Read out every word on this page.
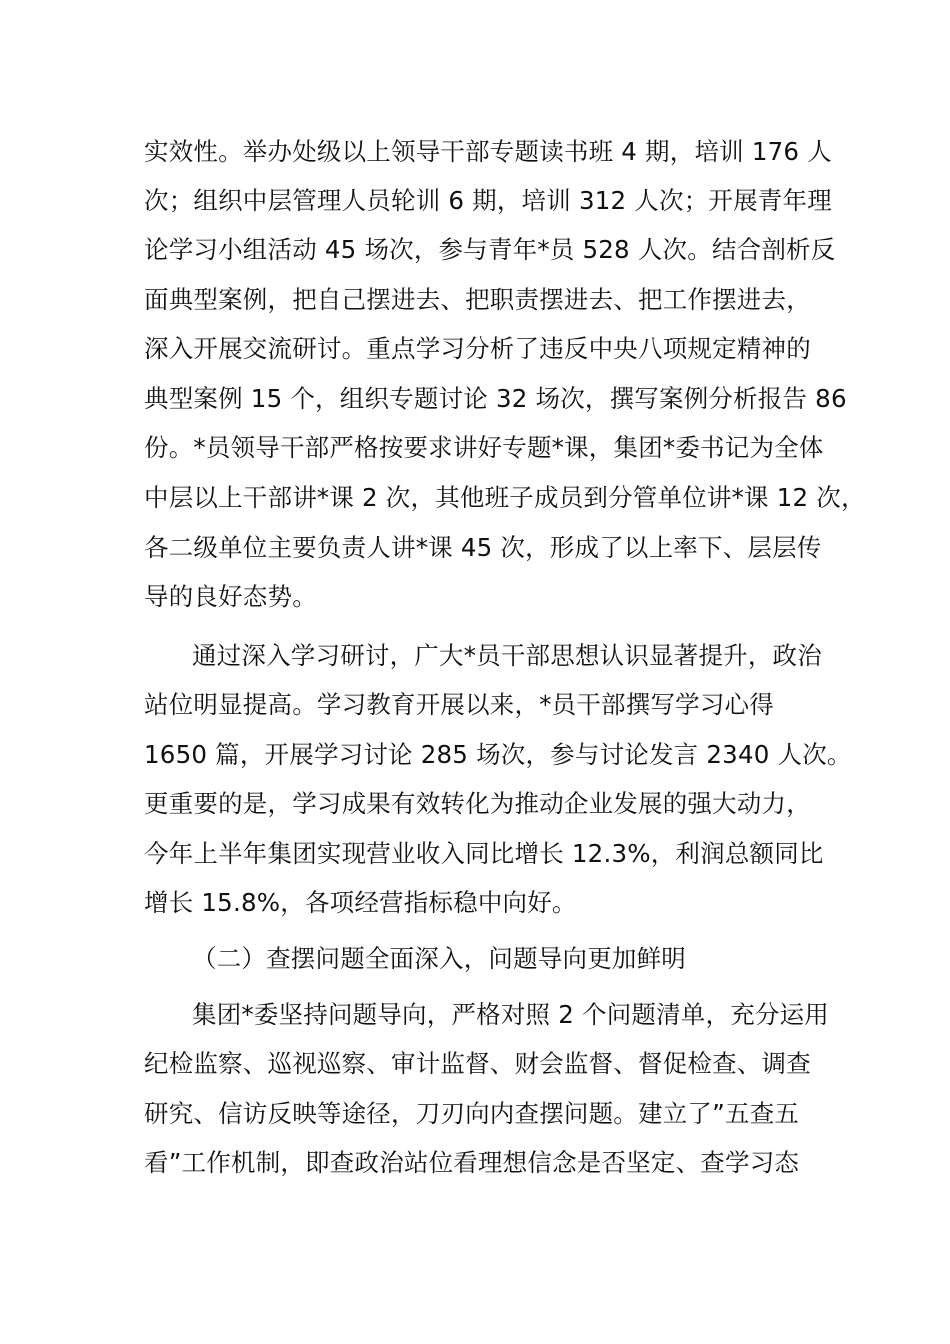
实效性。举办处级以上领导干部专题读书班 4 期，培训 176 人
次；组织中层管理人员轮训 6 期，培训 312 人次；开展青年理
论学习小组活动 45 场次，参与青年*员 528 人次。结合剖析反
面典型案例，把自己摆进去、把职责摆进去、把工作摆进去，
深入开展交流研讨。重点学习分析了违反中央八项规定精神的
典型案例 15 个，组织专题讨论 32 场次，撰写案例分析报告 86
份。*员领导干部严格按要求讲好专题*课，集团*委书记为全体
中层以上干部讲*课 2 次，其他班子成员到分管单位讲*课 12 次，
各二级单位主要负责人讲*课 45 次，形成了以上率下、层层传
导的良好态势。
通过深入学习研讨，广大*员干部思想认识显著提升，政治
站位明显提高。学习教育开展以来，*员干部撰写学习心得
1650 篇，开展学习讨论 285 场次，参与讨论发言 2340 人次。
更重要的是，学习成果有效转化为推动企业发展的强大动力，
今年上半年集团实现营业收入同比增长 12.3%，利润总额同比
增长 15.8%，各项经营指标稳中向好。
（二）查摆问题全面深入，问题导向更加鲜明
集团*委坚持问题导向，严格对照 2 个问题清单，充分运用
纪检监察、巡视巡察、审计监督、财会监督、督促检查、调查
研究、信访反映等途径，刀刃向内查摆问题。建立了”五查五
看”工作机制，即查政治站位看理想信念是否坚定、查学习态
